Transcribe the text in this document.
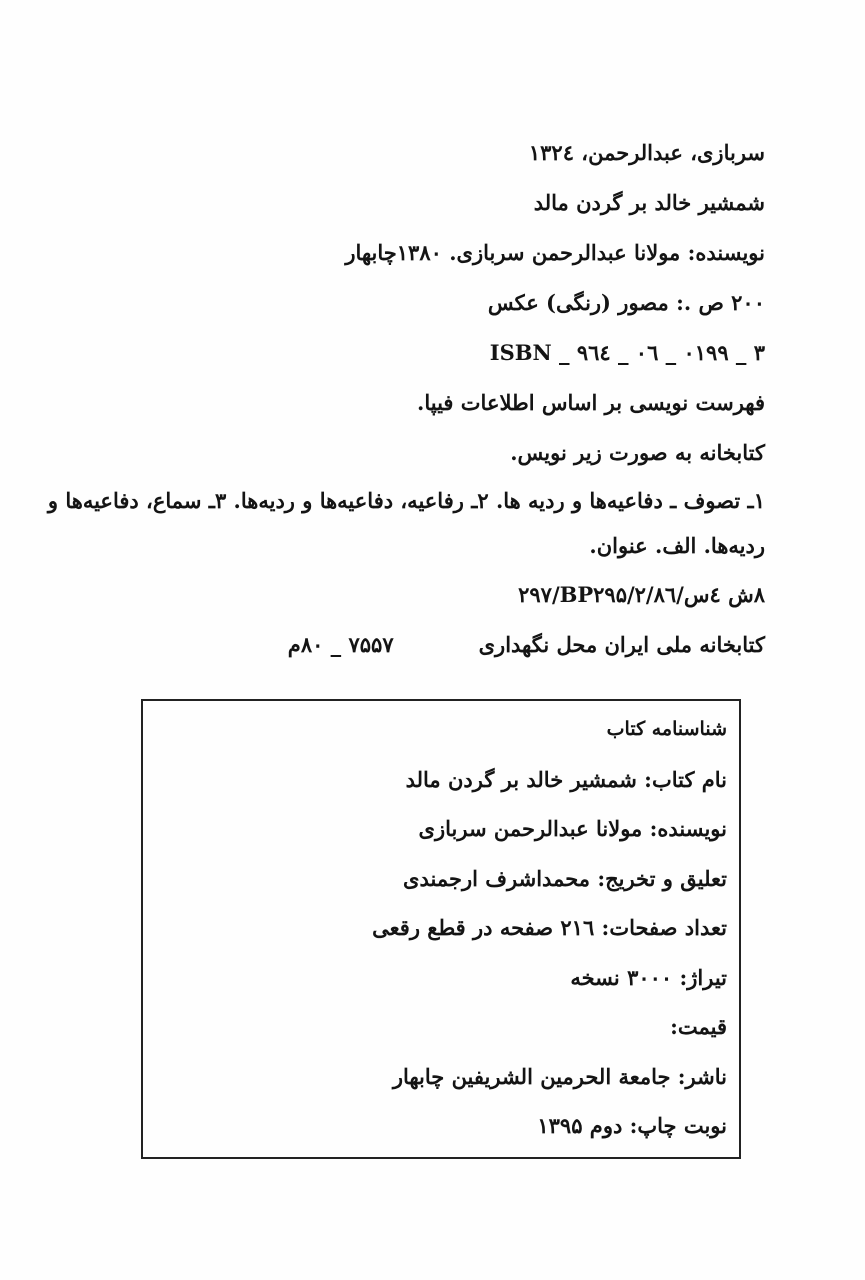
سربازی، عبدالرحمن، ۱۳۲٤
شمشیر خالد بر گردن مالد
نویسنده: مولانا عبدالرحمن سربازی. ۱۳۸۰چابهار
۲۰۰ ص .: مصور (رنگی) عکس
ISBN _ ۹٦٤ _ ۰٦ _ ۰۱۹۹ _ ۳
فهرست نویسی بر اساس اطلاعات فیپا.
کتابخانه به صورت زیر نویس.
۱ـ تصوف ـ دفاعیه‌ها و ردیه ها. ۲ـ رفاعیه، دفاعیه‌ها و ردیه‌ها. ۳ـ سماع، دفاعیه‌ها و ردیه‌ها. الف. عنوان.
۸ش ٤س/BP۲۹۵/۲/۸٦/۲۹۷
کتابخانه ملی ایران محل نگهداری
۷۵۵۷ _ ۸۰م
شناسنامه کتاب
نام کتاب: شمشیر خالد بر گردن مالد
نویسنده: مولانا عبدالرحمن سربازی
تعلیق و تخریج: محمداشرف ارجمندی
تعداد صفحات: ۲۱٦ صفحه در قطع رقعی
تیراژ: ۳۰۰۰ نسخه
قیمت:
ناشر: جامعة الحرمین الشریفین چابهار
نوبت چاپ: دوم ۱۳۹۵
